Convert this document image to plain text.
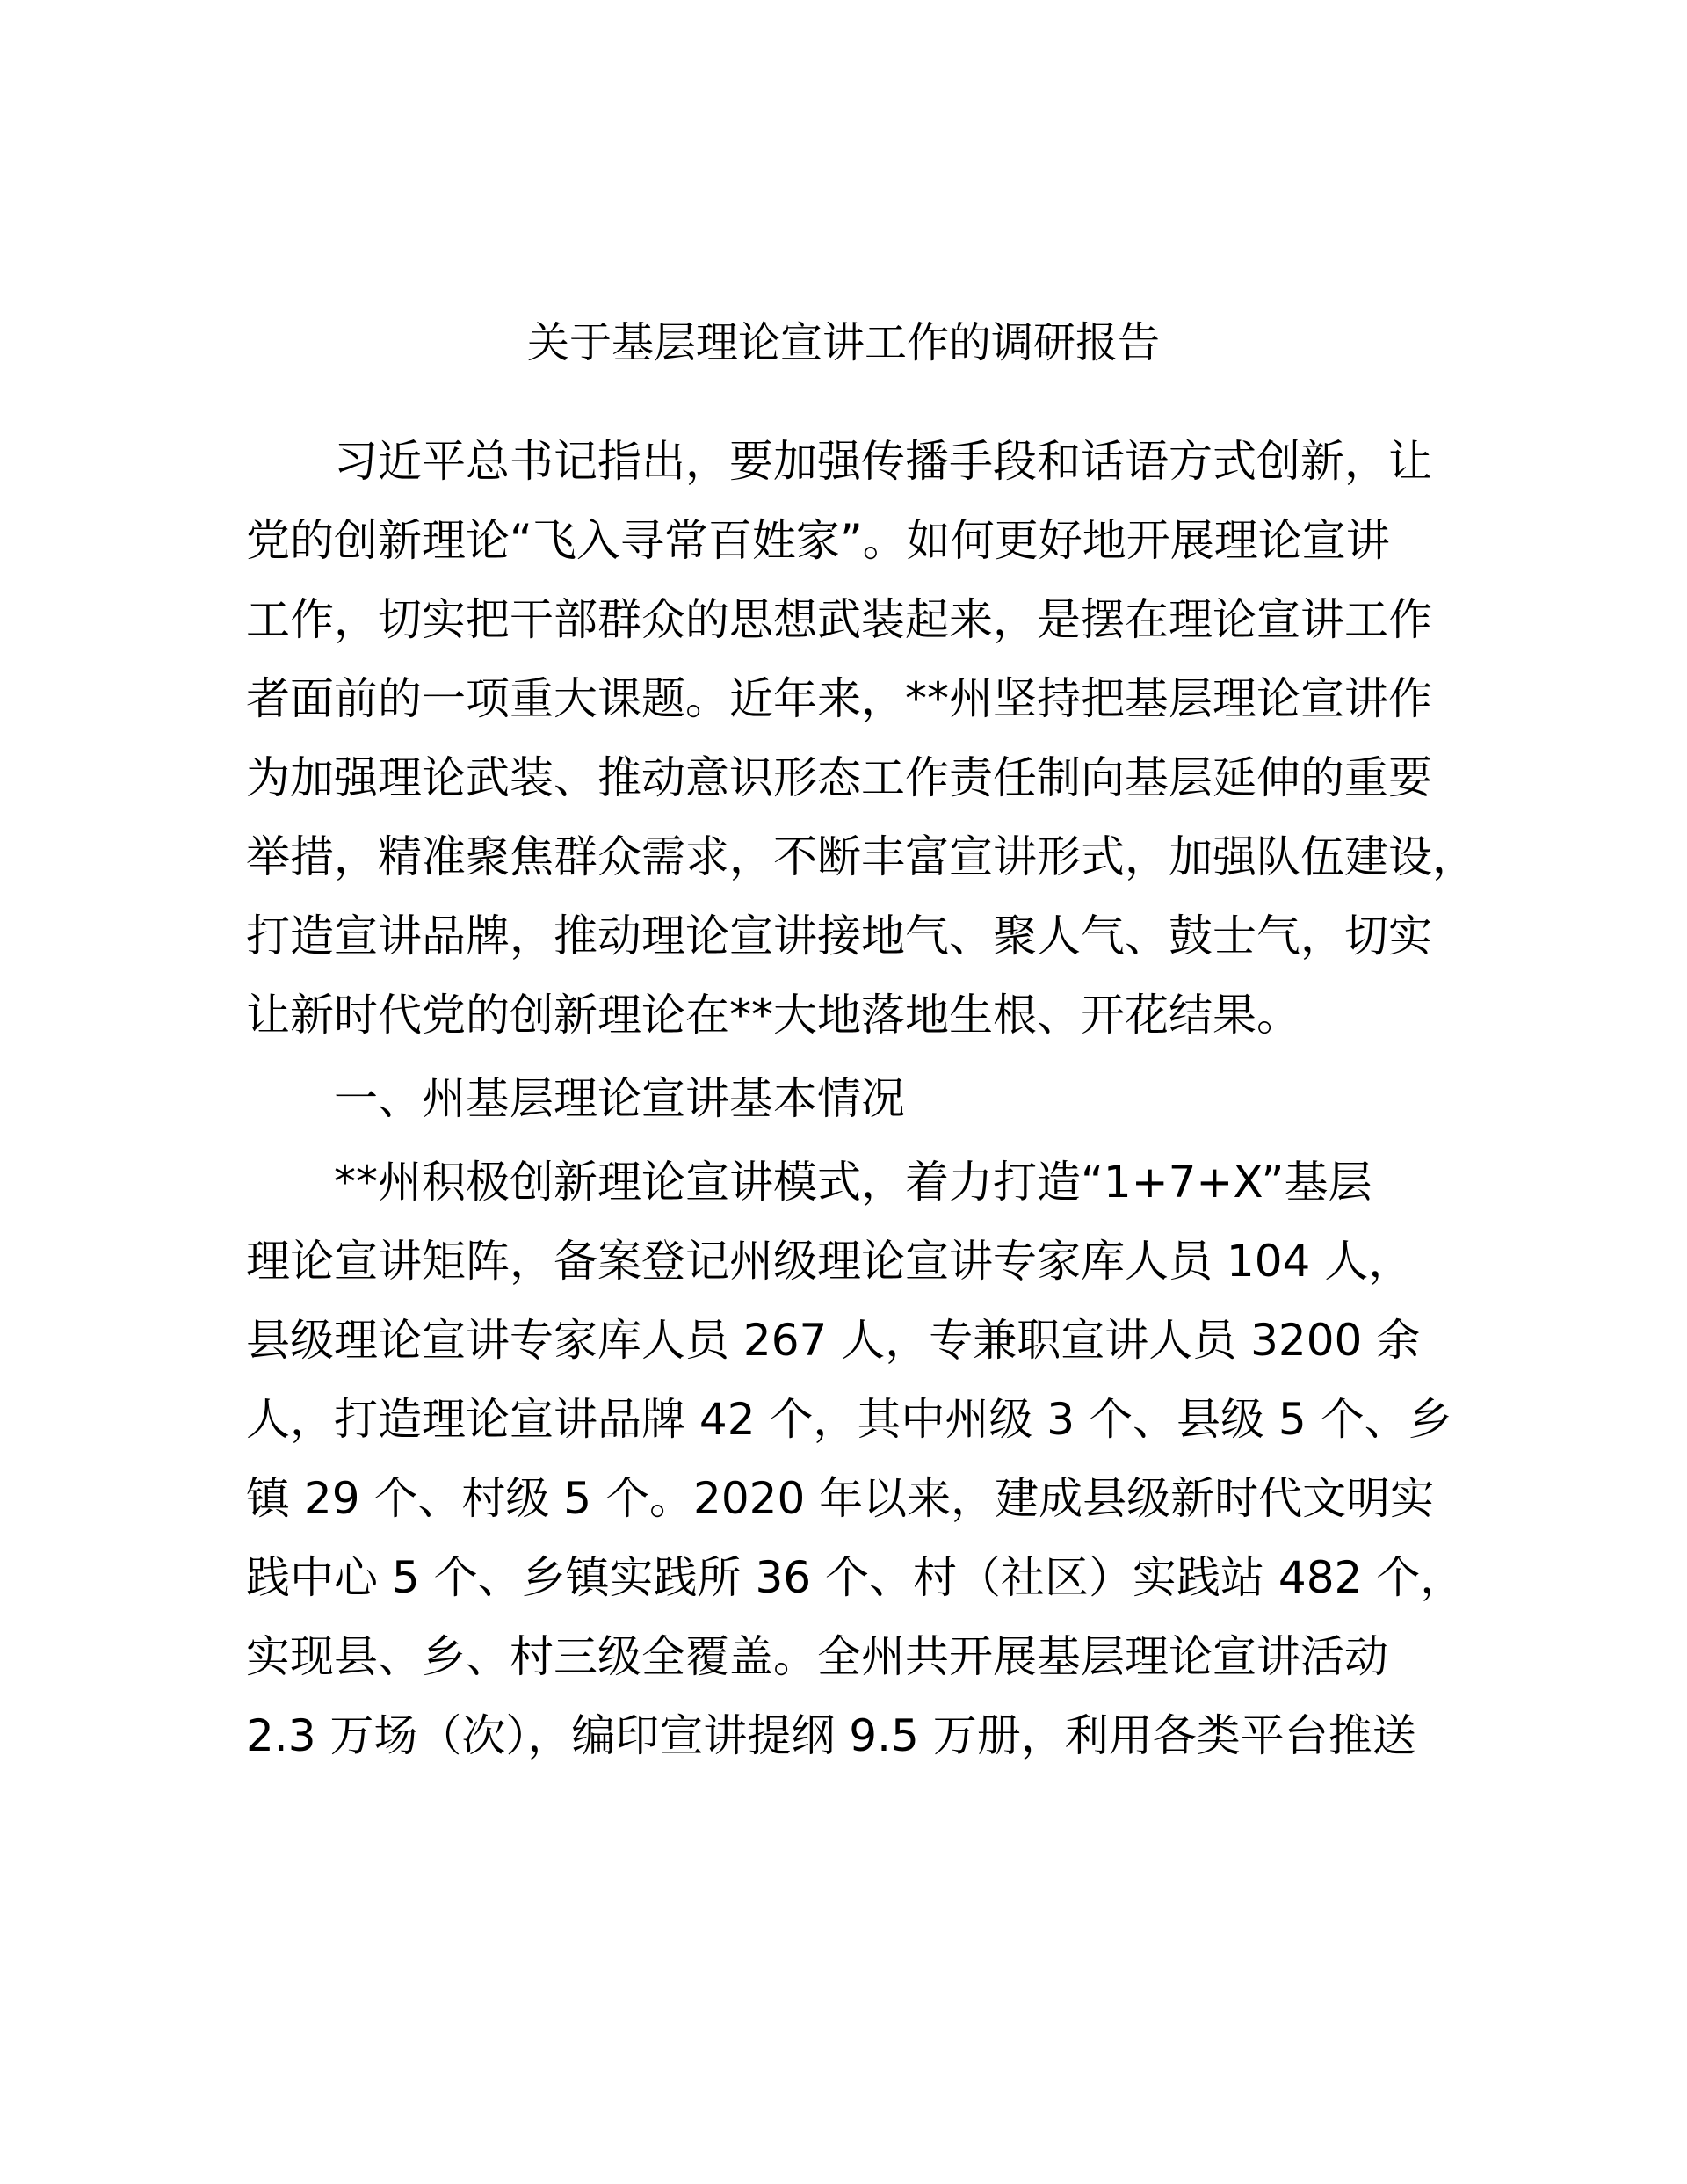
关于基层理论宣讲工作的调研报告
习近平总书记指出，要加强传播手段和话语方式创新，让
党的创新理论“飞入寻常百姓家”。如何更好地开展理论宣讲
工作，切实把干部群众的思想武装起来，是摆在理论宣讲工作
者面前的一项重大课题。近年来，**州坚持把基层理论宣讲作
为加强理论武装、推动意识形态工作责任制向基层延伸的重要
举措，精准聚焦群众需求，不断丰富宣讲形式，加强队伍建设，
打造宣讲品牌，推动理论宣讲接地气、聚人气、鼓士气，切实
让新时代党的创新理论在**大地落地生根、开花结果。
一、州基层理论宣讲基本情况
**州积极创新理论宣讲模式，着力打造“1+7+X”基层
理论宣讲矩阵，备案登记州级理论宣讲专家库人员 104 人，
县级理论宣讲专家库人员 267 人，专兼职宣讲人员 3200 余
人，打造理论宣讲品牌 42 个，其中州级 3 个、县级 5 个、乡
镇 29 个、村级 5 个。2020 年以来，建成县级新时代文明实
践中心 5 个、乡镇实践所 36 个、村（社区）实践站 482 个，
实现县、乡、村三级全覆盖。全州共开展基层理论宣讲活动
2.3 万场（次），编印宣讲提纲 9.5 万册，利用各类平台推送
